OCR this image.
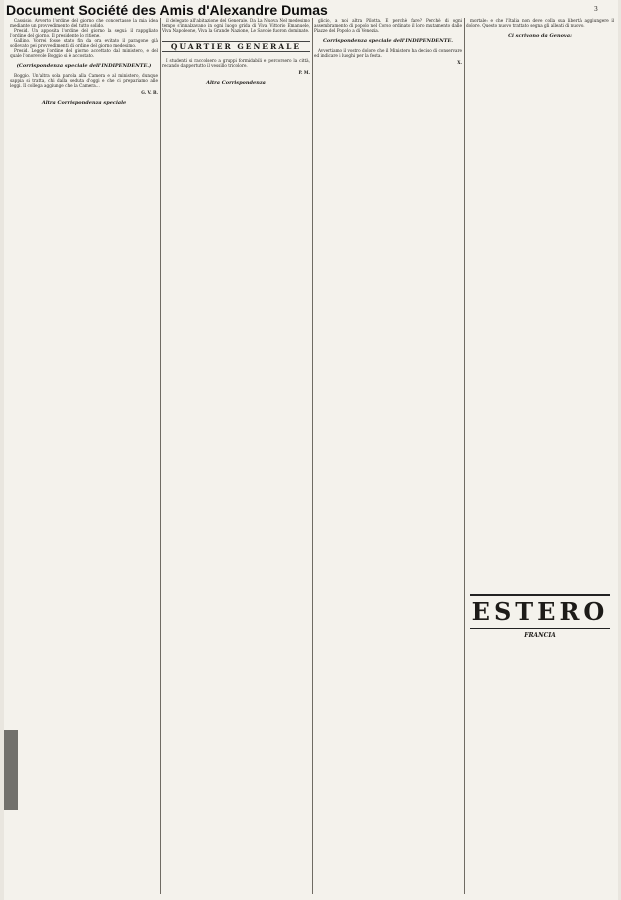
Document Société des Amis d'Alexandre Dumas	3

Cassisio. Avverto l'ordine del giorno che concertasse la mia idea mediante un provvedimento del tutto solido.

Presid. Un apposita l'ordine del giorno la segui: il rappgliato l'ordine del giorno. Il presidente lo ritiene.

Gallino. Vorrei fosse stato fin da ora evitato il paragone già sollevato pei provvedimenti di ordine del giorno medesimo.

Presid. Legge l'ordine del giorno accettato dal ministero, e del quale l'onorevole Boggio si è accostato.

(Corrispondenza speciale dell'INDIPENDENTE.)

Boggio. Un'altra sola parola alla Camera e al ministero, dunque sappia si tratta, chi dalla seduta d'oggi e che ci prepariamo alle leggi. Il collega aggiunge che la Camera...

G. V. B.
Altra Corrispondenza speciale

il delegato all'abitazione del Generale. Da La Nuova Nel medesimo tempo s'innalzavano in ogni luogo grida di Viva Vittorio Emanuele, Viva Napoleone, Viva la Grande Nazione, Le Savoie fuoron dominate.

QUARTIER GENERALE

I studenti si raccolsero a gruppi formidabili e percorsero la città, recando dappertutto il vessillo tricolore.

P. M.
Altra Corrispondenza

glicio, a noi altra Pilotta. E perchè fare? Perchè di ogni assembramento di popolo nel Corso ordinato il loro mutamento dalle Piazze del Popolo a di Venezia.

Corrispondenza speciale dell'INDIPENDENTE.

Avvertiamo il vostro dolore che il Ministero ha deciso di conservare ed indicare i luoghi per la festa.

X.

mortale: e che l'Italia non deve colla sua libertà aggiungere il dolore. Questo nuovo trattato segna gli alleati di nuovo.

Ci scrivono da Genova:
ESTERO
FRANCIA
